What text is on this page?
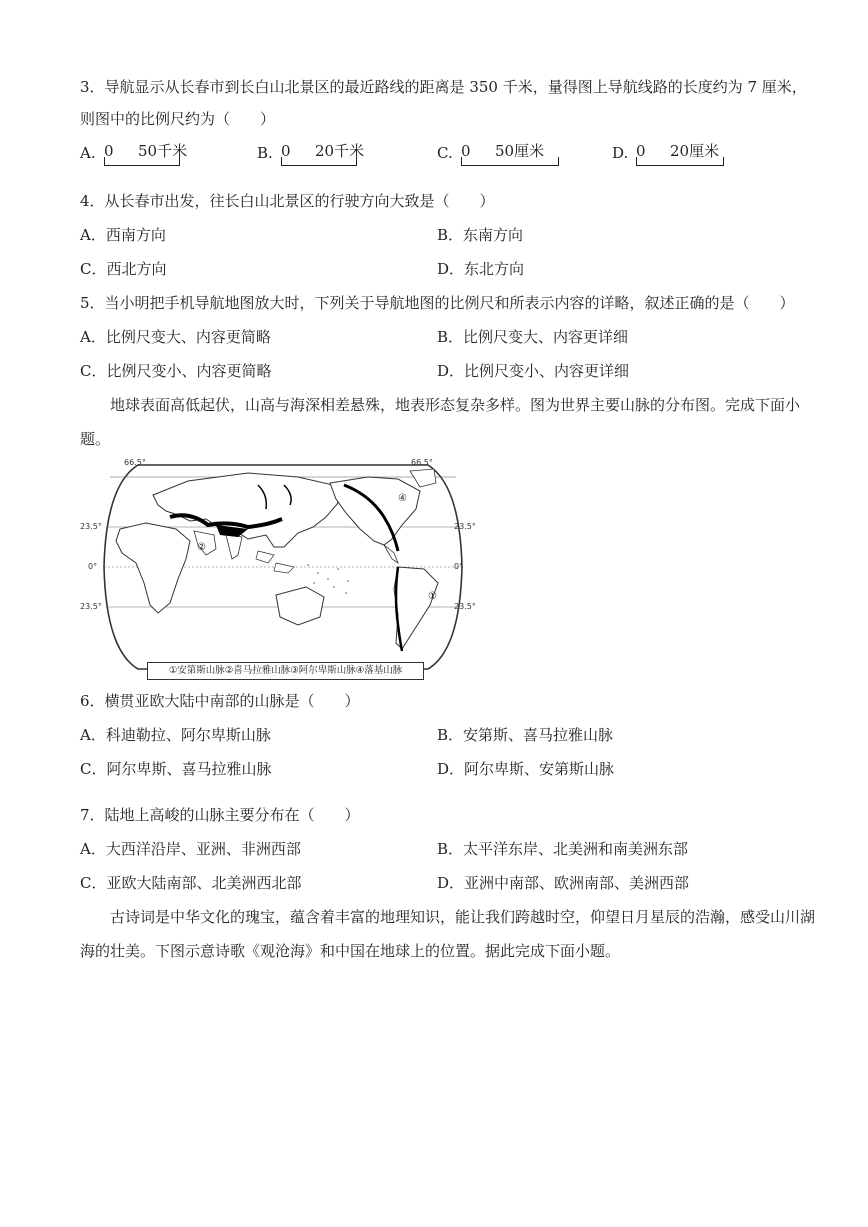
3．导航显示从长春市到长白山北景区的最近路线的距离是 350 千米，量得图上导航线路的长度约为 7 厘米，
则图中的比例尺约为（　　）
A. 0 50千米	B. 0 20千米	C. 0 50厘米	D. 0 20厘米
4．从长春市出发，往长白山北景区的行驶方向大致是（　　）
A．西南方向	B．东南方向
C．西北方向	D．东北方向
5．当小明把手机导航地图放大时，下列关于导航地图的比例尺和所表示内容的详略，叙述正确的是（　　）
A．比例尺变大、内容更简略	B．比例尺变大、内容更详细
C．比例尺变小、内容更简略	D．比例尺变小、内容更详细
地球表面高低起伏，山高与海深相差悬殊，地表形态复杂多样。图为世界主要山脉的分布图。完成下面小题。
②
④
①
66.5°	66.5°
23.5°	23.5°
0°	0°
23.5°	23.5°
①安第斯山脉②喜马拉雅山脉③阿尔卑斯山脉④落基山脉
6．横贯亚欧大陆中南部的山脉是（　　）
A．科迪勒拉、阿尔卑斯山脉	B．安第斯、喜马拉雅山脉
C．阿尔卑斯、喜马拉雅山脉	D．阿尔卑斯、安第斯山脉
7．陆地上高峻的山脉主要分布在（　　）
A．大西洋沿岸、亚洲、非洲西部	B．太平洋东岸、北美洲和南美洲东部
C．亚欧大陆南部、北美洲西北部	D．亚洲中南部、欧洲南部、美洲西部
古诗词是中华文化的瑰宝，蕴含着丰富的地理知识，能让我们跨越时空，仰望日月星辰的浩瀚，感受山川湖海的壮美。下图示意诗歌《观沧海》和中国在地球上的位置。据此完成下面小题。
